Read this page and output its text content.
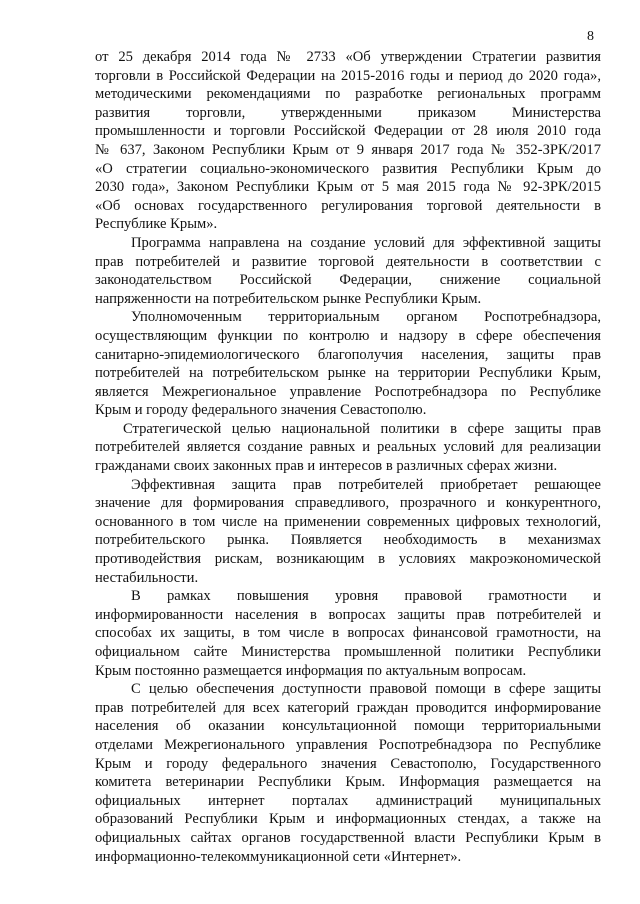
8
от 25 декабря 2014 года № 2733 «Об утверждении Стратегии развития
торговли в Российской Федерации на 2015-2016 годы и период до 2020 года»,
методическими рекомендациями по разработке региональных программ
развития торговли, утвержденными приказом Министерства
промышленности и торговли Российской Федерации от 28 июля 2010 года
№ 637, Законом Республики Крым от 9 января 2017 года № 352-ЗРК/2017
«О стратегии социально-экономического развития Республики Крым до
2030 года», Законом Республики Крым от 5 мая 2015 года № 92-ЗРК/2015
«Об основах государственного регулирования торговой деятельности в
Республике Крым».
Программа направлена на создание условий для эффективной защиты
прав потребителей и развитие торговой деятельности в соответствии с
законодательством Российской Федерации, снижение социальной
напряженности на потребительском рынке Республики Крым.
Уполномоченным территориальным органом Роспотребнадзора,
осуществляющим функции по контролю и надзору в сфере обеспечения
санитарно-эпидемиологического благополучия населения, защиты прав
потребителей на потребительском рынке на территории Республики Крым,
является Межрегиональное управление Роспотребнадзора по Республике
Крым и городу федерального значения Севастополю.
Стратегической целью национальной политики в сфере защиты прав
потребителей является создание равных и реальных условий для реализации
гражданами своих законных прав и интересов в различных сферах жизни.
Эффективная защита прав потребителей приобретает решающее
значение для формирования справедливого, прозрачного и конкурентного,
основанного в том числе на применении современных цифровых технологий,
потребительского рынка. Появляется необходимость в механизмах
противодействия рискам, возникающим в условиях макроэкономической
нестабильности.
В рамках повышения уровня правовой грамотности и
информированности населения в вопросах защиты прав потребителей и
способах их защиты, в том числе в вопросах финансовой грамотности, на
официальном сайте Министерства промышленной политики Республики
Крым постоянно размещается информация по актуальным вопросам.
С целью обеспечения доступности правовой помощи в сфере защиты
прав потребителей для всех категорий граждан проводится информирование
населения об оказании консультационной помощи территориальными
отделами Межрегионального управления Роспотребнадзора по Республике
Крым и городу федерального значения Севастополю, Государственного
комитета ветеринарии Республики Крым. Информация размещается на
официальных интернет порталах администраций муниципальных
образований Республики Крым и информационных стендах, а также на
официальных сайтах органов государственной власти Республики Крым в
информационно-телекоммуникационной сети «Интернет».
